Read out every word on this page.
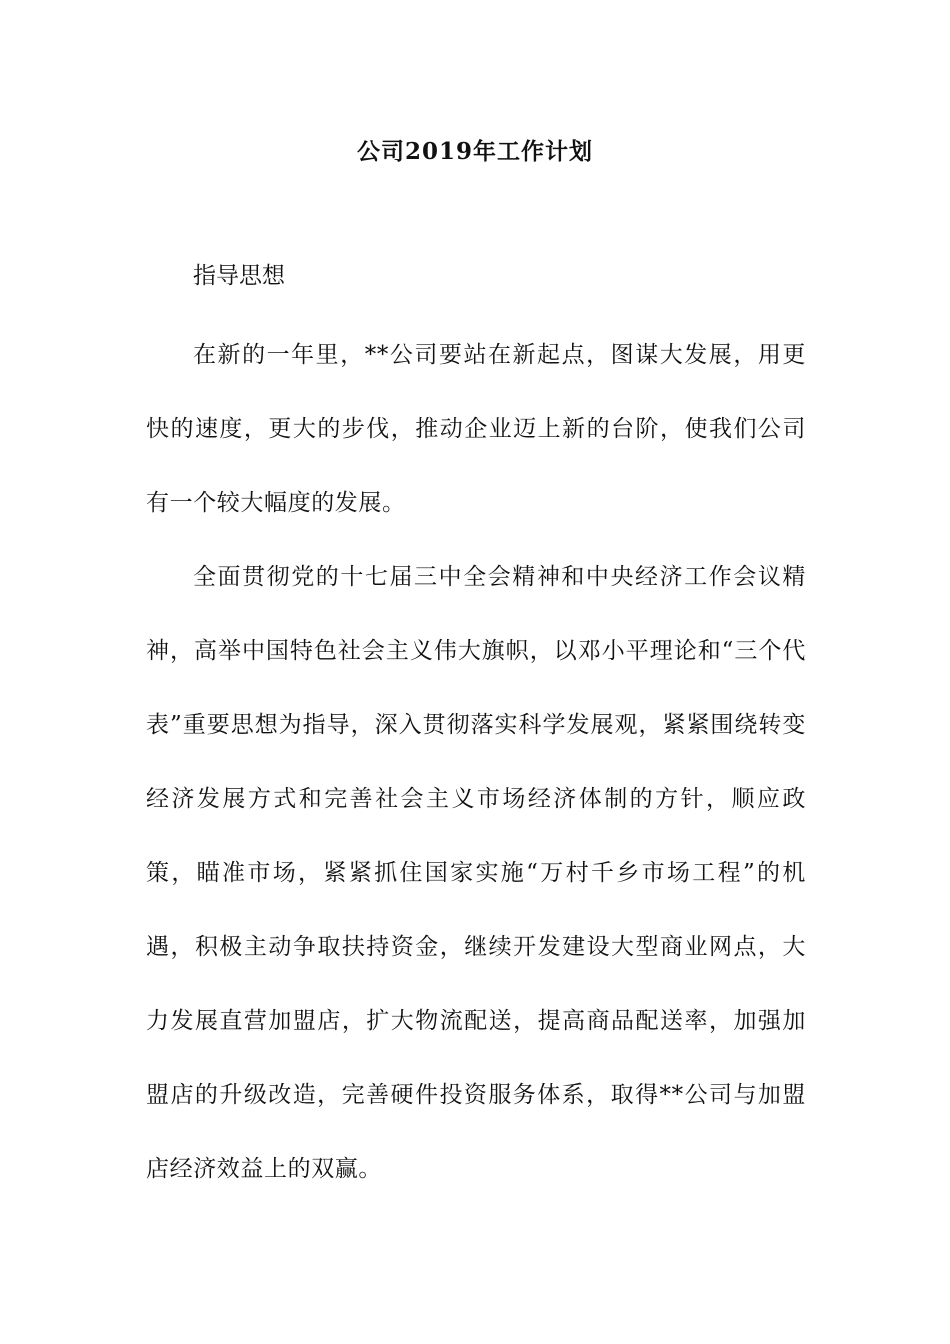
公司2019年工作计划
指导思想

在新的一年里，**公司要站在新起点，图谋大发展，用更快的速度，更大的步伐，推动企业迈上新的台阶，使我们公司有一个较大幅度的发展。

全面贯彻党的十七届三中全会精神和中央经济工作会议精神，高举中国特色社会主义伟大旗帜，以邓小平理论和“三个代表”重要思想为指导，深入贯彻落实科学发展观，紧紧围绕转变经济发展方式和完善社会主义市场经济体制的方针，顺应政策，瞄准市场，紧紧抓住国家实施“万村千乡市场工程”的机遇，积极主动争取扶持资金，继续开发建设大型商业网点，大力发展直营加盟店，扩大物流配送，提高商品配送率，加强加盟店的升级改造，完善硬件投资服务体系，取得**公司与加盟店经济效益上的双赢。
